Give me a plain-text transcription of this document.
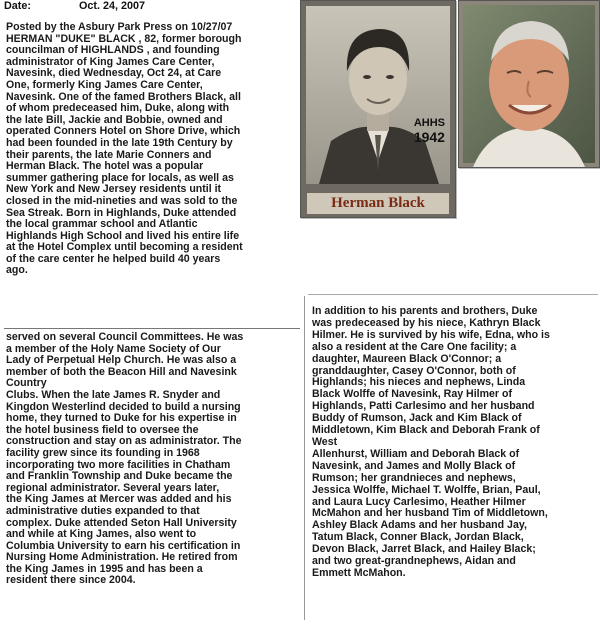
Date:	Oct. 24, 2007
AHHS
1942
Herman Black

Posted by the Asbury Park Press on 10/27/07

HERMAN "DUKE" BLACK , 82, former borough

councilman of HIGHLANDS , and founding

administrator of King James Care Center,

Navesink, died Wednesday, Oct 24, at Care

One, formerly King James Care Center,

Navesink. One of the famed Brothers Black, all

of whom predeceased him, Duke, along with

the late Bill, Jackie and Bobbie, owned and

operated Conners Hotel on Shore Drive, which

had been founded in the late 19th Century by

their parents, the late Marie Conners and

Herman Black. The hotel was a popular

summer gathering place for locals, as well as

New York and New Jersey residents until it

closed in the mid-nineties and was sold to the

Sea Streak. Born in Highlands, Duke attended

the local grammar school and Atlantic

Highlands High School and lived his entire life

at the Hotel Complex until becoming a resident

of the care center he helped build 40 years

ago.

served on several Council Committees. He was

a member of the Holy Name Society of Our

Lady of Perpetual Help Church. He was also a

member of both the Beacon Hill and Navesink

Country

Clubs. When the late James R. Snyder and

Kingdon Westerlind decided to build a nursing

home, they turned to Duke for his expertise in

the hotel business field to oversee the

construction and stay on as administrator. The

facility grew since its founding in 1968

incorporating two more facilities in Chatham

and Franklin Township and Duke became the

regional administrator. Several years later,

the King James at Mercer was added and his

administrative duties expanded to that

complex. Duke attended Seton Hall University

and while at King James, also went to

Columbia University to earn his certification in

Nursing Home Administration. He retired from

the King James in 1995 and has been a

resident there since 2004.

In addition to his parents and brothers, Duke

was predeceased by his niece, Kathryn Black

Hilmer. He is survived by his wife, Edna, who is

also a resident at the Care One facility; a

daughter, Maureen Black O'Connor; a

granddaughter, Casey O'Connor, both of

Highlands; his nieces and nephews, Linda

Black Wolffe of Navesink, Ray Hilmer of

Highlands, Patti Carlesimo and her husband

Buddy of Rumson, Jack and Kim Black of

Middletown, Kim Black and Deborah Frank of

West

Allenhurst, William and Deborah Black of

Navesink, and James and Molly Black of

Rumson; her grandnieces and nephews,

Jessica Wolffe, Michael T. Wolffe, Brian, Paul,

and Laura Lucy Carlesimo, Heather Hilmer

McMahon and her husband Tim of Middletown,

Ashley Black Adams and her husband Jay,

Tatum Black, Conner Black, Jordan Black,

Devon Black, Jarret Black, and Hailey Black;

and two great-grandnephews, Aidan and

Emmett McMahon.
